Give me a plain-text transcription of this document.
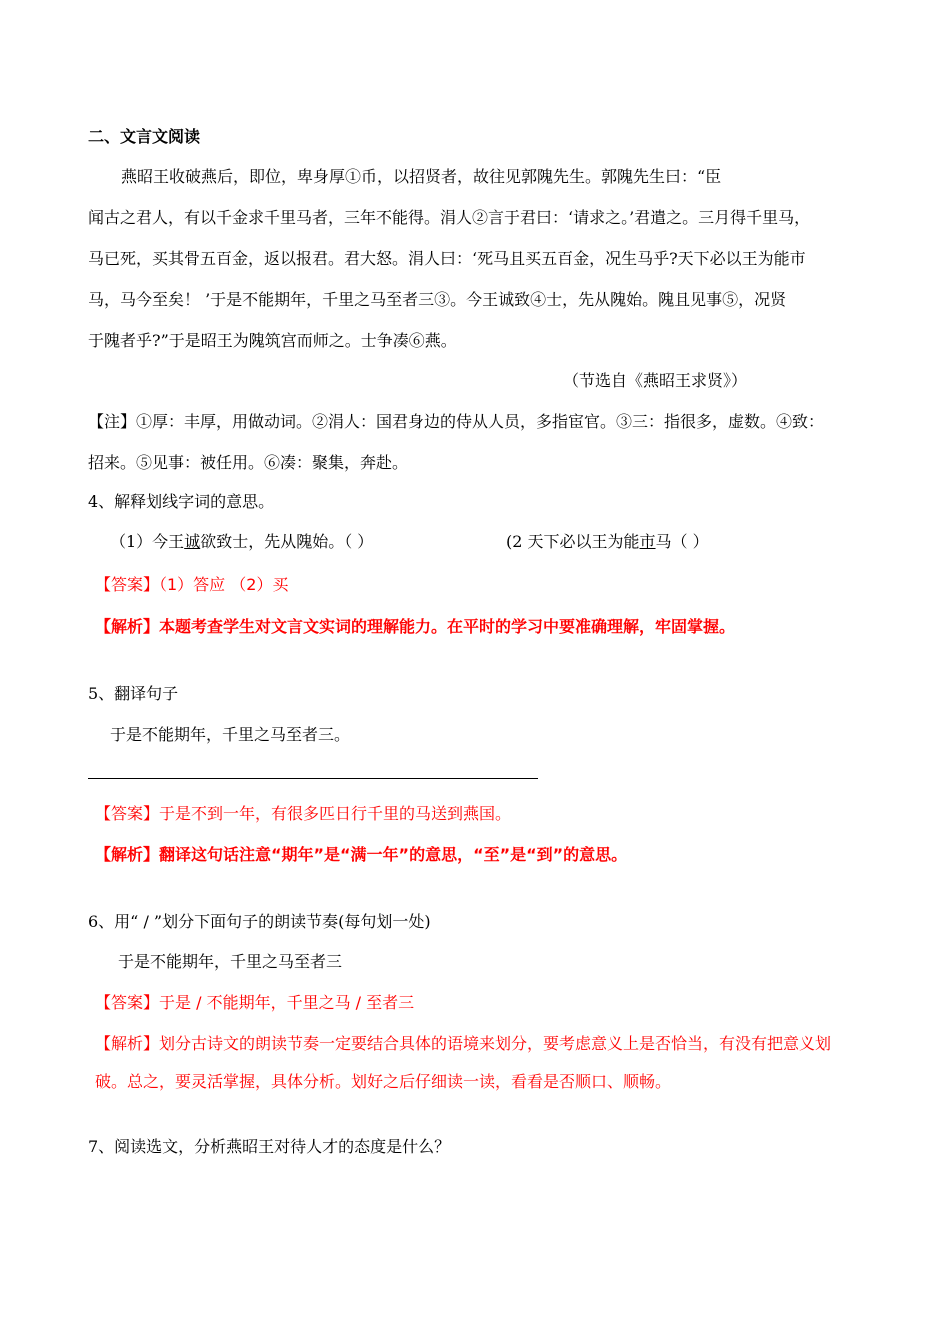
二、文言文阅读
燕昭王收破燕后，即位，卑身厚①币，以招贤者，故往见郭隗先生。郭隗先生曰：“臣
闻古之君人，有以千金求千里马者，三年不能得。涓人②言于君曰：‘请求之。’君遣之。三月得千里马，
马已死，买其骨五百金，返以报君。君大怒。涓人曰：‘死马且买五百金，况生马乎?天下必以王为能市
马，马今至矣！ ’于是不能期年，千里之马至者三③。今王诚致④士，先从隗始。隗且见事⑤，况贤
于隗者乎?”于是昭王为隗筑宫而师之。士争凑⑥燕。
（节选自《燕昭王求贤》）
【注】①厚：丰厚，用做动词。②涓人：国君身边的侍从人员，多指宦官。③三：指很多，虚数。④致：
招来。⑤见事：被任用。⑥凑：聚集，奔赴。
4、解释划线字词的意思。
（1）今王诚欲致士，先从隗始。（ ）	(2 天下必以王为能市马（ ）
【答案】（1）答应 （2）买
【解析】本题考查学生对文言文实词的理解能力。在平时的学习中要准确理解，牢固掌握。
5、翻译句子
于是不能期年，千里之马至者三。
【答案】于是不到一年，有很多匹日行千里的马送到燕国。
【解析】翻译这句话注意“期年”是“满一年”的意思，“至”是“到”的意思。
6、用“ / ”划分下面句子的朗读节奏(每句划一处)
于是不能期年，千里之马至者三
【答案】于是 / 不能期年，千里之马 / 至者三
【解析】划分古诗文的朗读节奏一定要结合具体的语境来划分，要考虑意义上是否恰当，有没有把意义划
破。总之，要灵活掌握，具体分析。划好之后仔细读一读，看看是否顺口、顺畅。
7、阅读选文，分析燕昭王对待人才的态度是什么？
